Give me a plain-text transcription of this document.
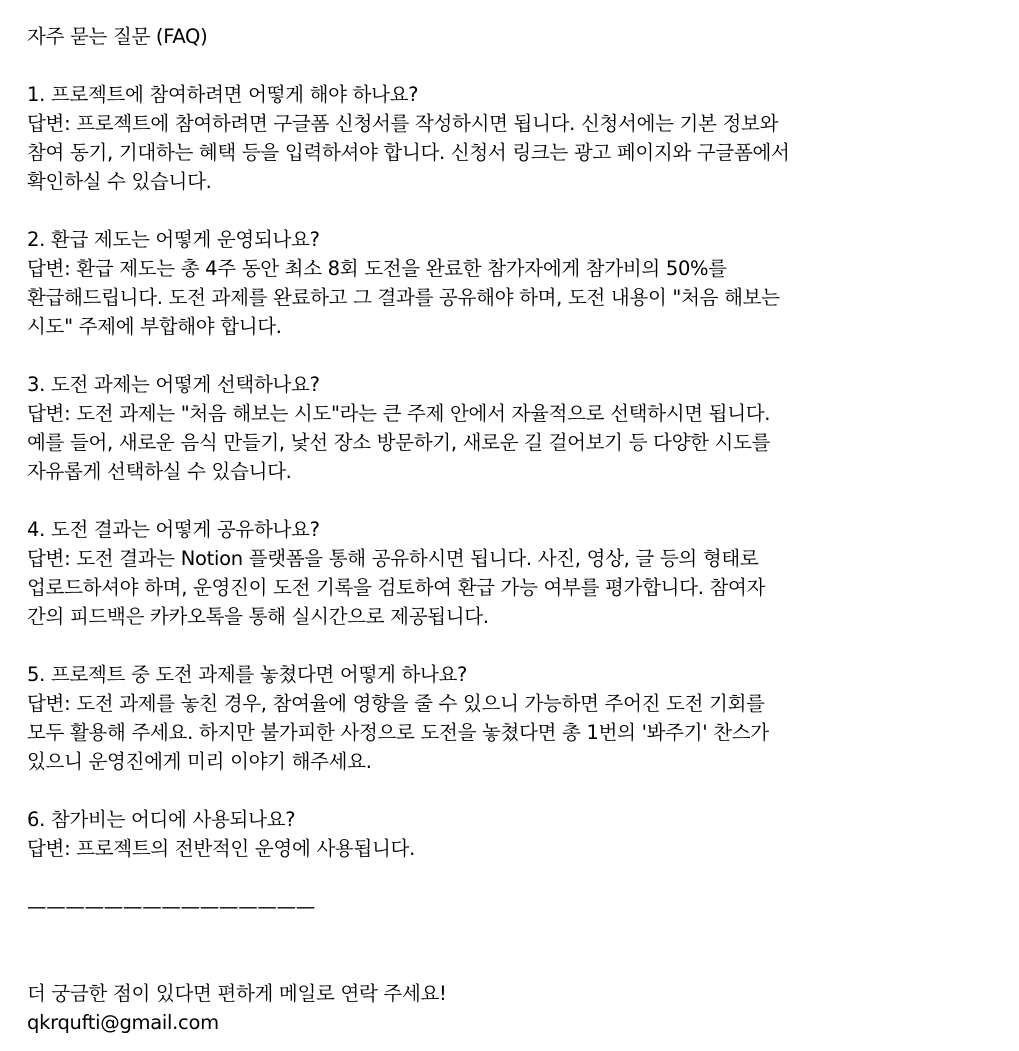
자주 묻는 질문 (FAQ)
1. 프로젝트에 참여하려면 어떻게 해야 하나요?
답변: 프로젝트에 참여하려면 구글폼 신청서를 작성하시면 됩니다. 신청서에는 기본 정보와
참여 동기, 기대하는 혜택 등을 입력하셔야 합니다. 신청서 링크는 광고 페이지와 구글폼에서
확인하실 수 있습니다.
2. 환급 제도는 어떻게 운영되나요?
답변: 환급 제도는 총 4주 동안 최소 8회 도전을 완료한 참가자에게 참가비의 50%를
환급해드립니다. 도전 과제를 완료하고 그 결과를 공유해야 하며, 도전 내용이 "처음 해보는
시도" 주제에 부합해야 합니다.
3. 도전 과제는 어떻게 선택하나요?
답변: 도전 과제는 "처음 해보는 시도"라는 큰 주제 안에서 자율적으로 선택하시면 됩니다.
예를 들어, 새로운 음식 만들기, 낯선 장소 방문하기, 새로운 길 걸어보기 등 다양한 시도를
자유롭게 선택하실 수 있습니다.
4. 도전 결과는 어떻게 공유하나요?
답변: 도전 결과는 Notion 플랫폼을 통해 공유하시면 됩니다. 사진, 영상, 글 등의 형태로
업로드하셔야 하며, 운영진이 도전 기록을 검토하여 환급 가능 여부를 평가합니다. 참여자
간의 피드백은 카카오톡을 통해 실시간으로 제공됩니다.
5. 프로젝트 중 도전 과제를 놓쳤다면 어떻게 하나요?
답변: 도전 과제를 놓친 경우, 참여율에 영향을 줄 수 있으니 가능하면 주어진 도전 기회를
모두 활용해 주세요. 하지만 불가피한 사정으로 도전을 놓쳤다면 총 1번의 '봐주기' 찬스가
있으니 운영진에게 미리 이야기 해주세요.
6. 참가비는 어디에 사용되나요?
답변: 프로젝트의 전반적인 운영에 사용됩니다.
———————————————
더 궁금한 점이 있다면 편하게 메일로 연락 주세요!
qkrqufti@gmail.com
